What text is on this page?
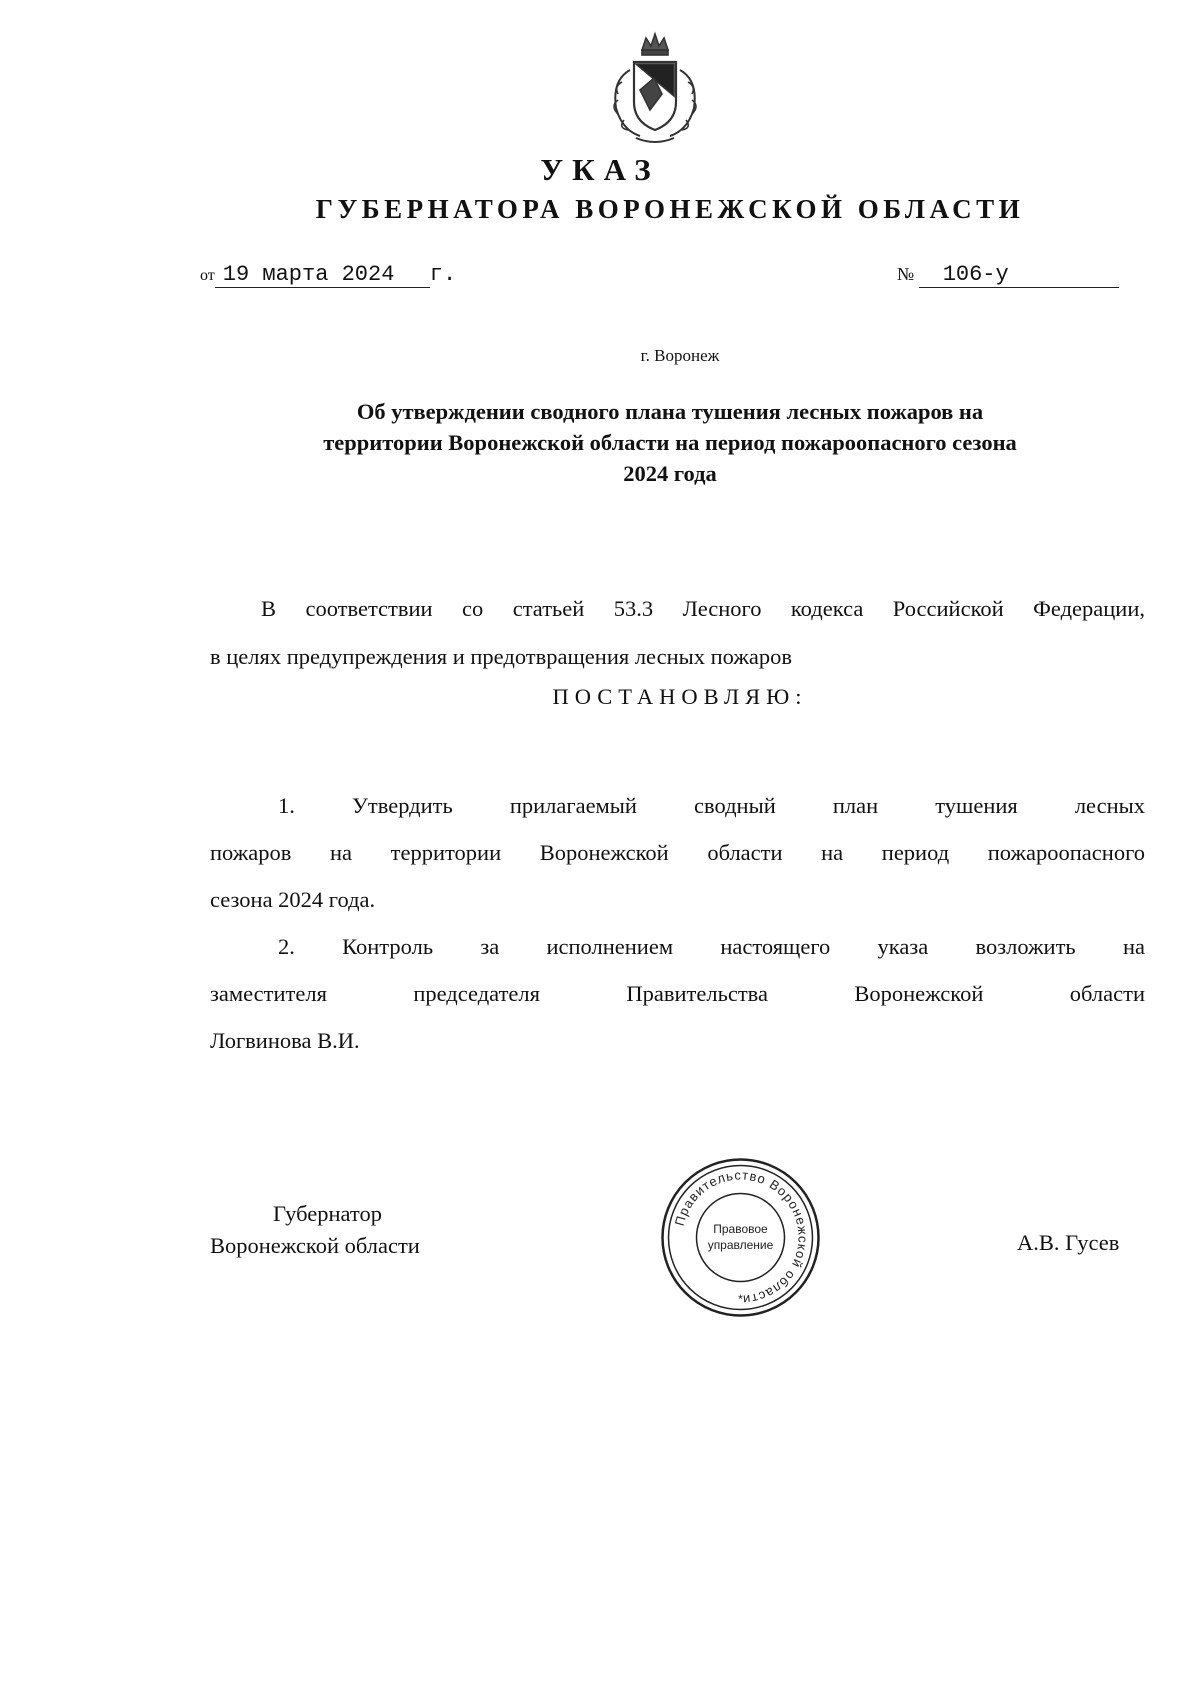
УКАЗ
ГУБЕРНАТОРА ВОРОНЕЖСКОЙ ОБЛАСТИ
от 19 марта 2024 г.	№ 106-у
г. Воронеж
Об утверждении сводного плана тушения лесных пожаров на
территории Воронежской области на период пожароопасного сезона
2024 года
В соответствии со статьей 53.3 Лесного кодекса Российской Федерации,
в целях предупреждения и предотвращения лесных пожаров
ПОСТАНОВЛЯЮ:
1.	Утвердить	прилагаемый	сводный	план	тушения	лесных
пожаров на территории Воронежской области на период пожароопасного
сезона 2024 года.
2. Контроль за исполнением настоящего указа возложить на
заместителя председателя Правительства Воронежской области
Логвинова В.И.
Губернатор
Воронежской области
Правительство Воронежской области
Правовое
управление
*
А.В. Гусев
